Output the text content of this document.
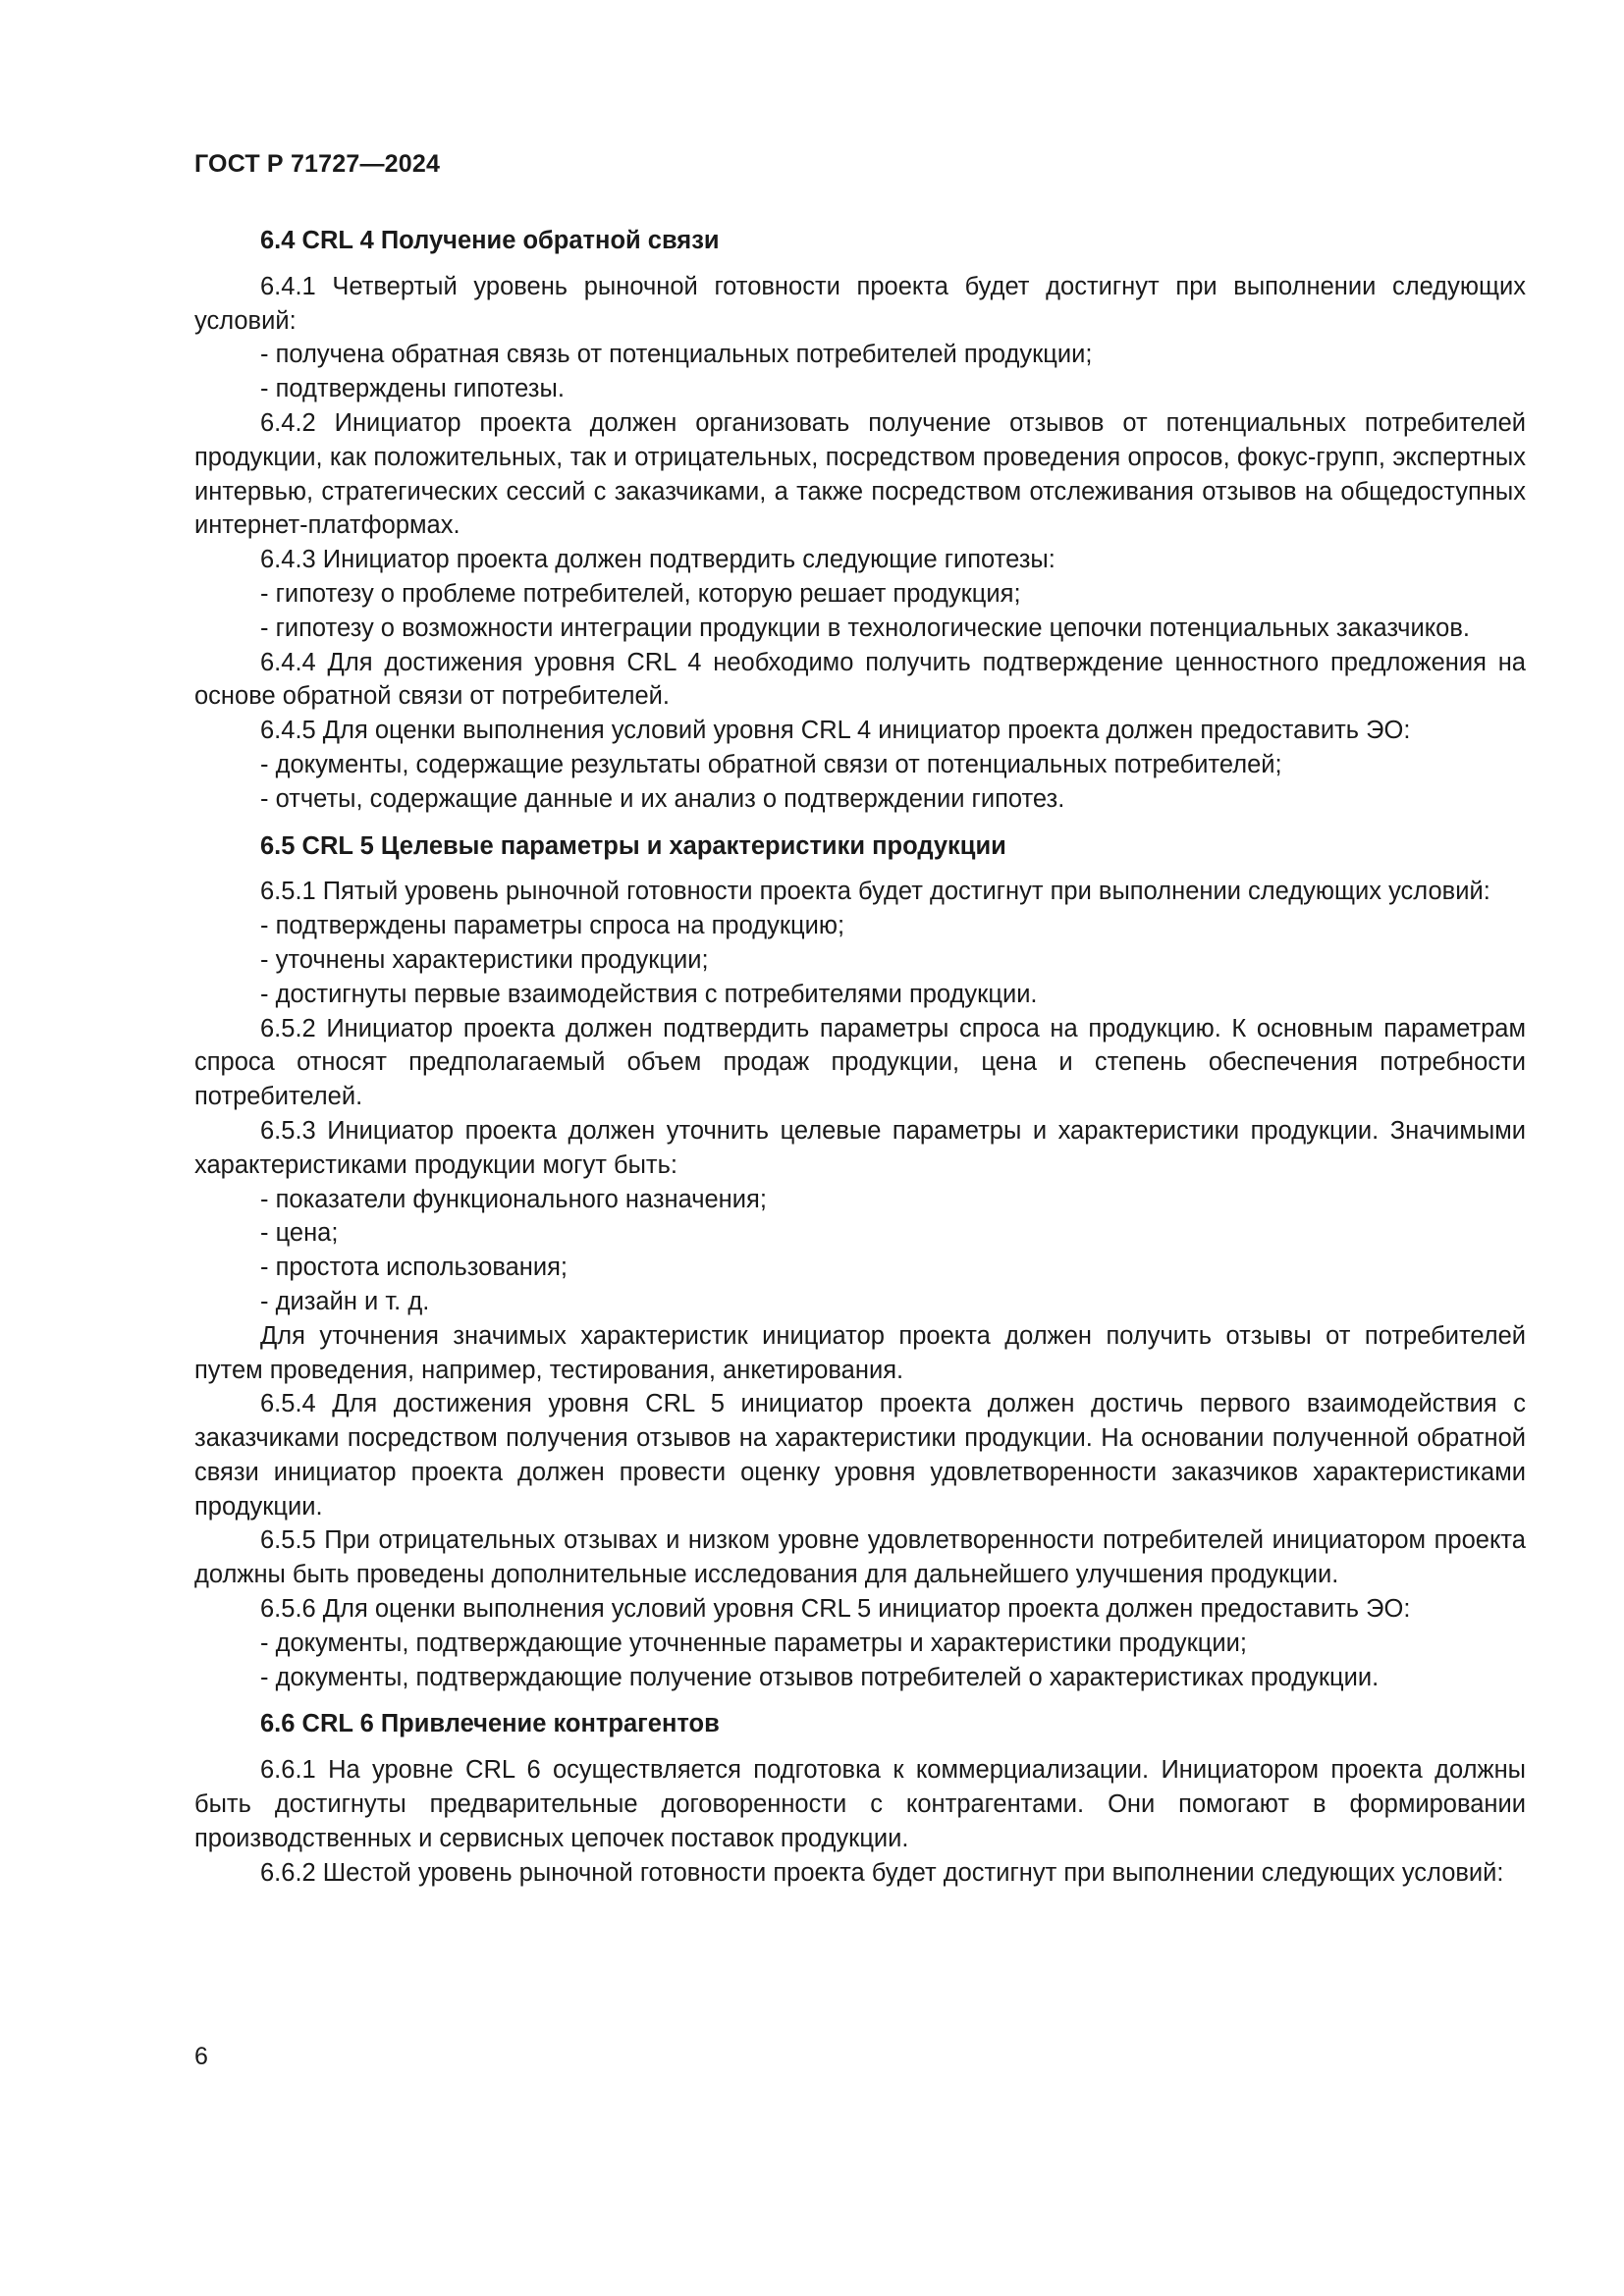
ГОСТ Р 71727—2024
6.4 CRL 4 Получение обратной связи

6.4.1 Четвертый уровень рыночной готовности проекта будет достигнут при выполнении следующих условий:

- получена обратная связь от потенциальных потребителей продукции;

- подтверждены гипотезы.

6.4.2 Инициатор проекта должен организовать получение отзывов от потенциальных потребителей продукции, как положительных, так и отрицательных, посредством проведения опросов, фокус-групп, экспертных интервью, стратегических сессий с заказчиками, а также посредством отслеживания отзывов на общедоступных интернет-платформах.

6.4.3 Инициатор проекта должен подтвердить следующие гипотезы:

- гипотезу о проблеме потребителей, которую решает продукция;

- гипотезу о возможности интеграции продукции в технологические цепочки потенциальных заказчиков.

6.4.4 Для достижения уровня CRL 4 необходимо получить подтверждение ценностного предложения на основе обратной связи от потребителей.

6.4.5 Для оценки выполнения условий уровня CRL 4 инициатор проекта должен предоставить ЭО:

- документы, содержащие результаты обратной связи от потенциальных потребителей;

- отчеты, содержащие данные и их анализ о подтверждении гипотез.

6.5 CRL 5 Целевые параметры и характеристики продукции

6.5.1 Пятый уровень рыночной готовности проекта будет достигнут при выполнении следующих условий:

- подтверждены параметры спроса на продукцию;

- уточнены характеристики продукции;

- достигнуты первые взаимодействия с потребителями продукции.

6.5.2 Инициатор проекта должен подтвердить параметры спроса на продукцию. К основным параметрам спроса относят предполагаемый объем продаж продукции, цена и степень обеспечения потребности потребителей.

6.5.3 Инициатор проекта должен уточнить целевые параметры и характеристики продукции. Значимыми характеристиками продукции могут быть:

- показатели функционального назначения;

- цена;

- простота использования;

- дизайн и т. д.

Для уточнения значимых характеристик инициатор проекта должен получить отзывы от потребителей путем проведения, например, тестирования, анкетирования.

6.5.4 Для достижения уровня CRL 5 инициатор проекта должен достичь первого взаимодействия с заказчиками посредством получения отзывов на характеристики продукции. На основании полученной обратной связи инициатор проекта должен провести оценку уровня удовлетворенности заказчиков характеристиками продукции.

6.5.5 При отрицательных отзывах и низком уровне удовлетворенности потребителей инициатором проекта должны быть проведены дополнительные исследования для дальнейшего улучшения продукции.

6.5.6 Для оценки выполнения условий уровня CRL 5 инициатор проекта должен предоставить ЭО:

- документы, подтверждающие уточненные параметры и характеристики продукции;

- документы, подтверждающие получение отзывов потребителей о характеристиках продукции.

6.6 CRL 6 Привлечение контрагентов

6.6.1 На уровне CRL 6 осуществляется подготовка к коммерциализации. Инициатором проекта должны быть достигнуты предварительные договоренности с контрагентами. Они помогают в формировании производственных и сервисных цепочек поставок продукции.

6.6.2 Шестой уровень рыночной готовности проекта будет достигнут при выполнении следующих условий:

6
